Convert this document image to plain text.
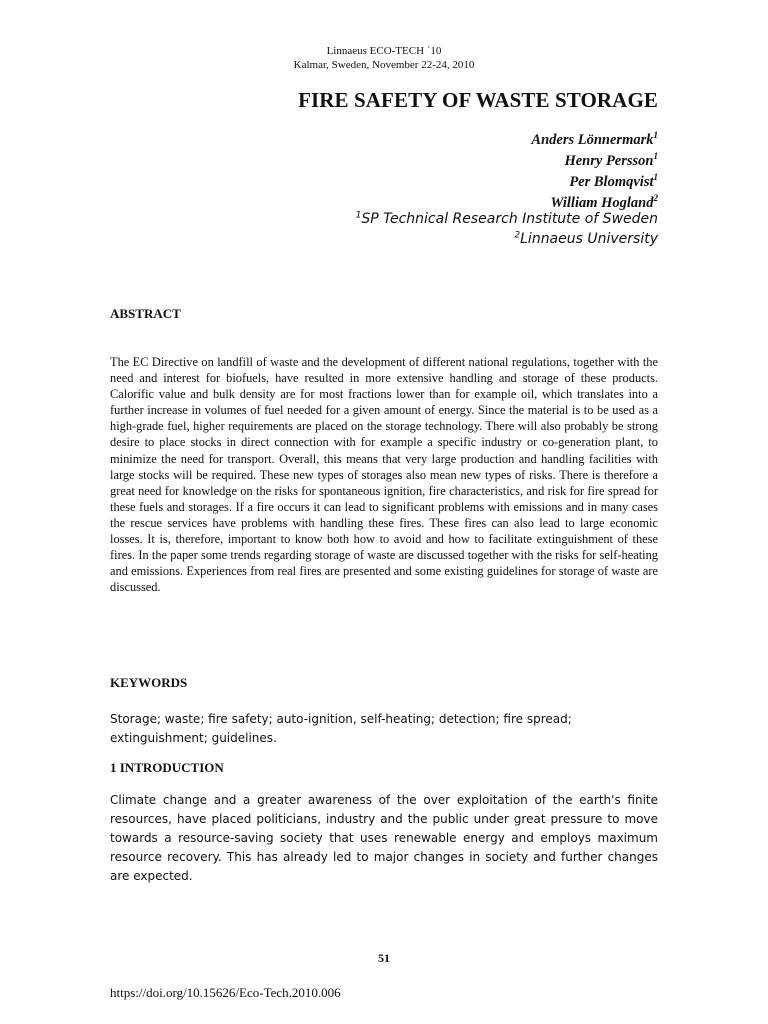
Linnaeus ECO-TECH ´10
Kalmar, Sweden, November 22-24, 2010
FIRE SAFETY OF WASTE STORAGE
Anders Lönnermark$^1$
Henry Persson$^1$
Per Blomqvist$^1$
William Hogland$^2$
$^1$SP Technical Research Institute of Sweden
$^2$Linnaeus University
ABSTRACT

The EC Directive on landfill of waste and the development of different national regulations, together with the need and interest for biofuels, have resulted in more extensive handling and storage of these products. Calorific value and bulk density are for most fractions lower than for example oil, which translates into a further increase in volumes of fuel needed for a given amount of energy. Since the material is to be used as a high-grade fuel, higher requirements are placed on the storage technology. There will also probably be strong desire to place stocks in direct connection with for example a specific industry or co-generation plant, to minimize the need for transport. Overall, this means that very large production and handling facilities with large stocks will be required. These new types of storages also mean new types of risks. There is therefore a great need for knowledge on the risks for spontaneous ignition, fire characteristics, and risk for fire spread for these fuels and storages. If a fire occurs it can lead to significant problems with emissions and in many cases the rescue services have problems with handling these fires. These fires can also lead to large economic losses. It is, therefore, important to know both how to avoid and how to facilitate extinguishment of these fires. In the paper some trends regarding storage of waste are discussed together with the risks for self-heating and emissions. Experiences from real fires are presented and some existing guidelines for storage of waste are discussed.

KEYWORDS

Storage; waste; fire safety; auto-ignition, self-heating; detection; fire spread; extinguishment; guidelines.

1 INTRODUCTION

Climate change and a greater awareness of the over exploitation of the earth's finite resources, have placed politicians, industry and the public under great pressure to move towards a resource-saving society that uses renewable energy and employs maximum resource recovery. This has already led to major changes in society and further changes are expected.

51
https://doi.org/10.15626/Eco-Tech.2010.006
